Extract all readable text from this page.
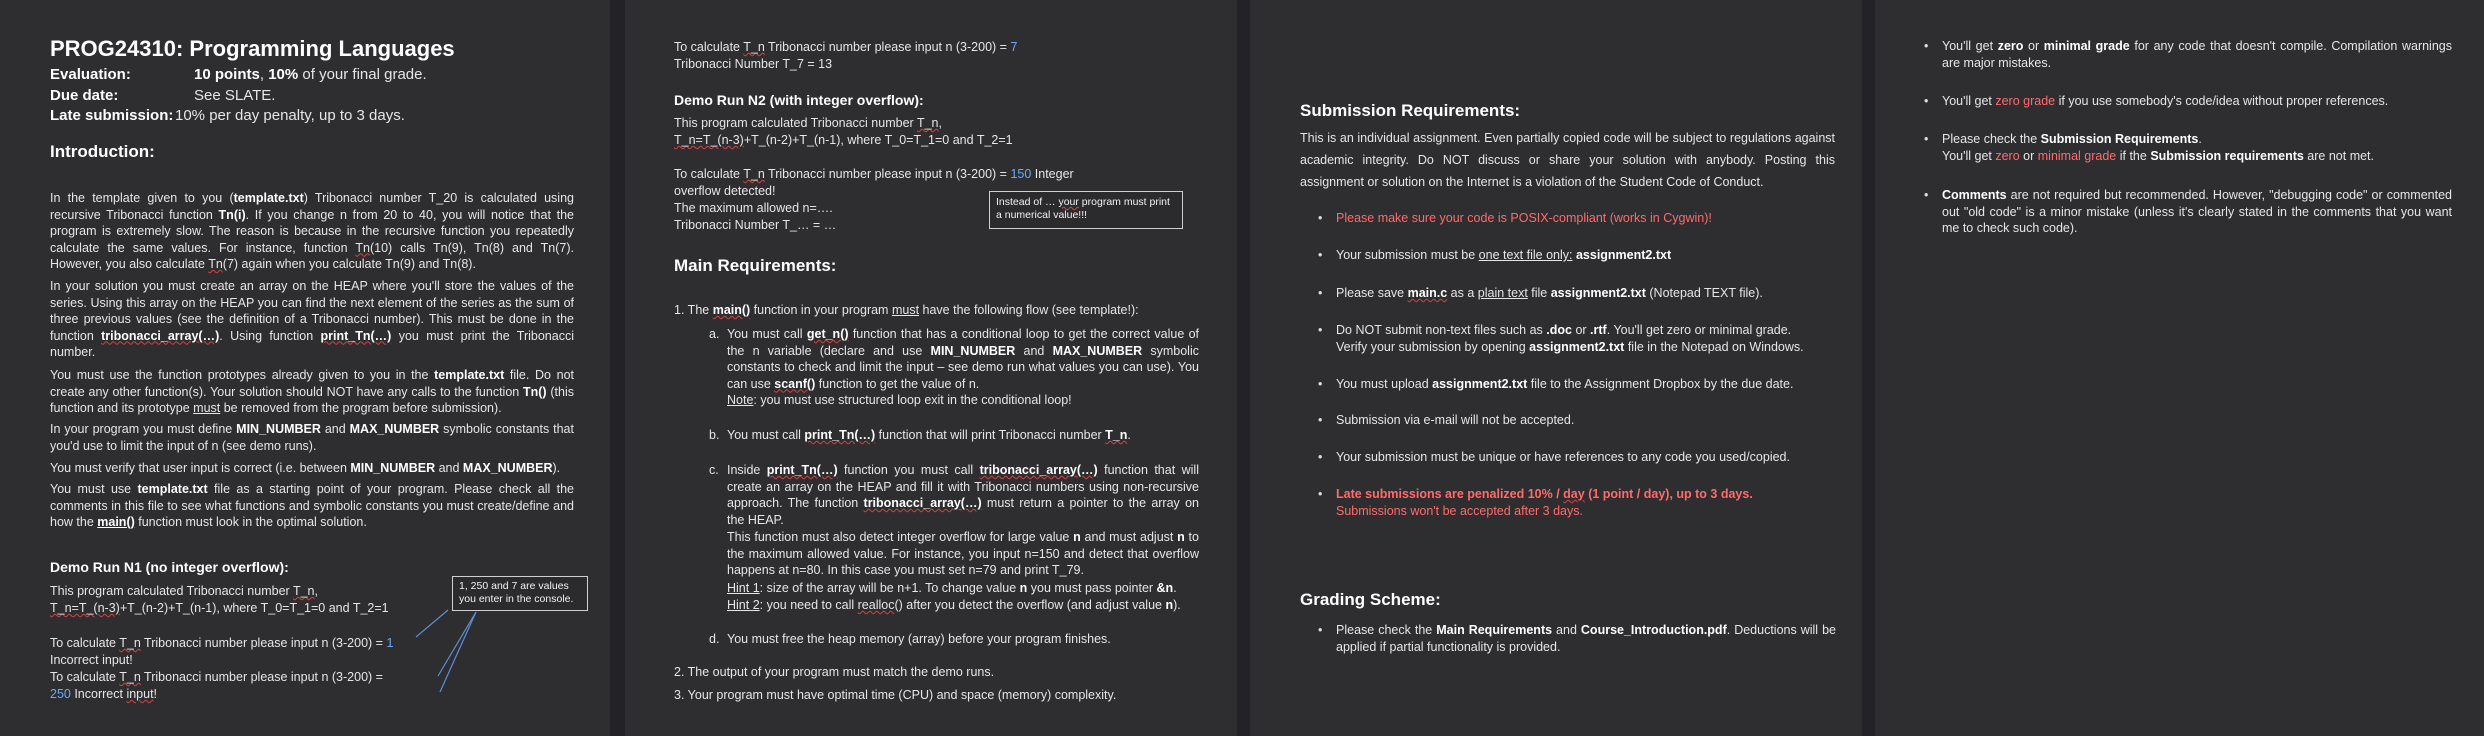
PROG24310: Programming Languages
Evaluation:	10 points, 10% of your final grade.
Due date:	See SLATE.
Late submission: 10% per day penalty, up to 3 days.
Introduction:
In the template given to you (template.txt) Tribonacci number T_20 is calculated using recursive Tribonacci function Tn(i). If you change n from 20 to 40, you will notice that the program is extremely slow. The reason is because in the recursive function you repeatedly calculate the same values. For instance, function Tn(10) calls Tn(9), Tn(8) and Tn(7). However, you also calculate Tn(7) again when you calculate Tn(9) and Tn(8).
In your solution you must create an array on the HEAP where you'll store the values of the series. Using this array on the HEAP you can find the next element of the series as the sum of three previous values (see the definition of a Tribonacci number). This must be done in the function tribonacci_array(…). Using function print_Tn(…) you must print the Tribonacci number.
You must use the function prototypes already given to you in the template.txt file. Do not create any other function(s). Your solution should NOT have any calls to the function Tn() (this function and its prototype must be removed from the program before submission).
In your program you must define MIN_NUMBER and MAX_NUMBER symbolic constants that you'd use to limit the input of n (see demo runs).
You must verify that user input is correct (i.e. between MIN_NUMBER and MAX_NUMBER).
You must use template.txt file as a starting point of your program. Please check all the comments in this file to see what functions and symbolic constants you must create/define and how the main() function must look in the optimal solution.
Demo Run N1 (no integer overflow):
This program calculated Tribonacci number T_n,
T_n=T_(n-3)+T_(n-2)+T_(n-1), where T_0=T_1=0 and T_2=1
To calculate T_n Tribonacci number please input n (3-200) = 1
Incorrect input!
To calculate T_n Tribonacci number please input n (3-200) =
250 Incorrect input!
1, 250 and 7 are values you enter in the console.
To calculate T_n Tribonacci number please input n (3-200) = 7
Tribonacci Number T_7 = 13
Demo Run N2 (with integer overflow):
This program calculated Tribonacci number T_n,
T_n=T_(n-3)+T_(n-2)+T_(n-1), where T_0=T_1=0 and T_2=1
To calculate T_n Tribonacci number please input n (3-200) = 150 Integer
overflow detected!
The maximum allowed n=….
Tribonacci Number T_… = …
Instead of … your program must print a numerical value!!!
Main Requirements:
1. The main() function in your program must have the following flow (see template!):
a. You must call get_n() function that has a conditional loop to get the correct value of the n variable (declare and use MIN_NUMBER and MAX_NUMBER symbolic constants to check and limit the input – see demo run what values you can use). You can use scanf() function to get the value of n.
Note: you must use structured loop exit in the conditional loop!
b. You must call print_Tn(…) function that will print Tribonacci number T_n.
c. Inside print_Tn(…) function you must call tribonacci_array(…) function that will create an array on the HEAP and fill it with Tribonacci numbers using non-recursive approach. The function tribonacci_array(…) must return a pointer to the array on the HEAP.
This function must also detect integer overflow for large value n and must adjust n to the maximum allowed value. For instance, you input n=150 and detect that overflow happens at n=80. In this case you must set n=79 and print T_79.
Hint 1: size of the array will be n+1. To change value n you must pass pointer &n.
Hint 2: you need to call realloc() after you detect the overflow (and adjust value n).
d. You must free the heap memory (array) before your program finishes.
2. The output of your program must match the demo runs.
3. Your program must have optimal time (CPU) and space (memory) complexity.
Submission Requirements:
This is an individual assignment. Even partially copied code will be subject to regulations against academic integrity. Do NOT discuss or share your solution with anybody. Posting this assignment or solution on the Internet is a violation of the Student Code of Conduct.
• Please make sure your code is POSIX-compliant (works in Cygwin)!
• Your submission must be one text file only: assignment2.txt
• Please save main.c as a plain text file assignment2.txt (Notepad TEXT file).
• Do NOT submit non-text files such as .doc or .rtf. You'll get zero or minimal grade.
Verify your submission by opening assignment2.txt file in the Notepad on Windows.
• You must upload assignment2.txt file to the Assignment Dropbox by the due date.
• Submission via e-mail will not be accepted.
• Your submission must be unique or have references to any code you used/copied.
• Late submissions are penalized 10% / day (1 point / day), up to 3 days.
Submissions won't be accepted after 3 days.
Grading Scheme:
• Please check the Main Requirements and Course_Introduction.pdf. Deductions will be applied if partial functionality is provided.
• You'll get zero or minimal grade for any code that doesn't compile. Compilation warnings are major mistakes.
• You'll get zero grade if you use somebody's code/idea without proper references.
• Please check the Submission Requirements.
You'll get zero or minimal grade if the Submission requirements are not met.
• Comments are not required but recommended. However, "debugging code" or commented out "old code" is a minor mistake (unless it's clearly stated in the comments that you want me to check such code).
